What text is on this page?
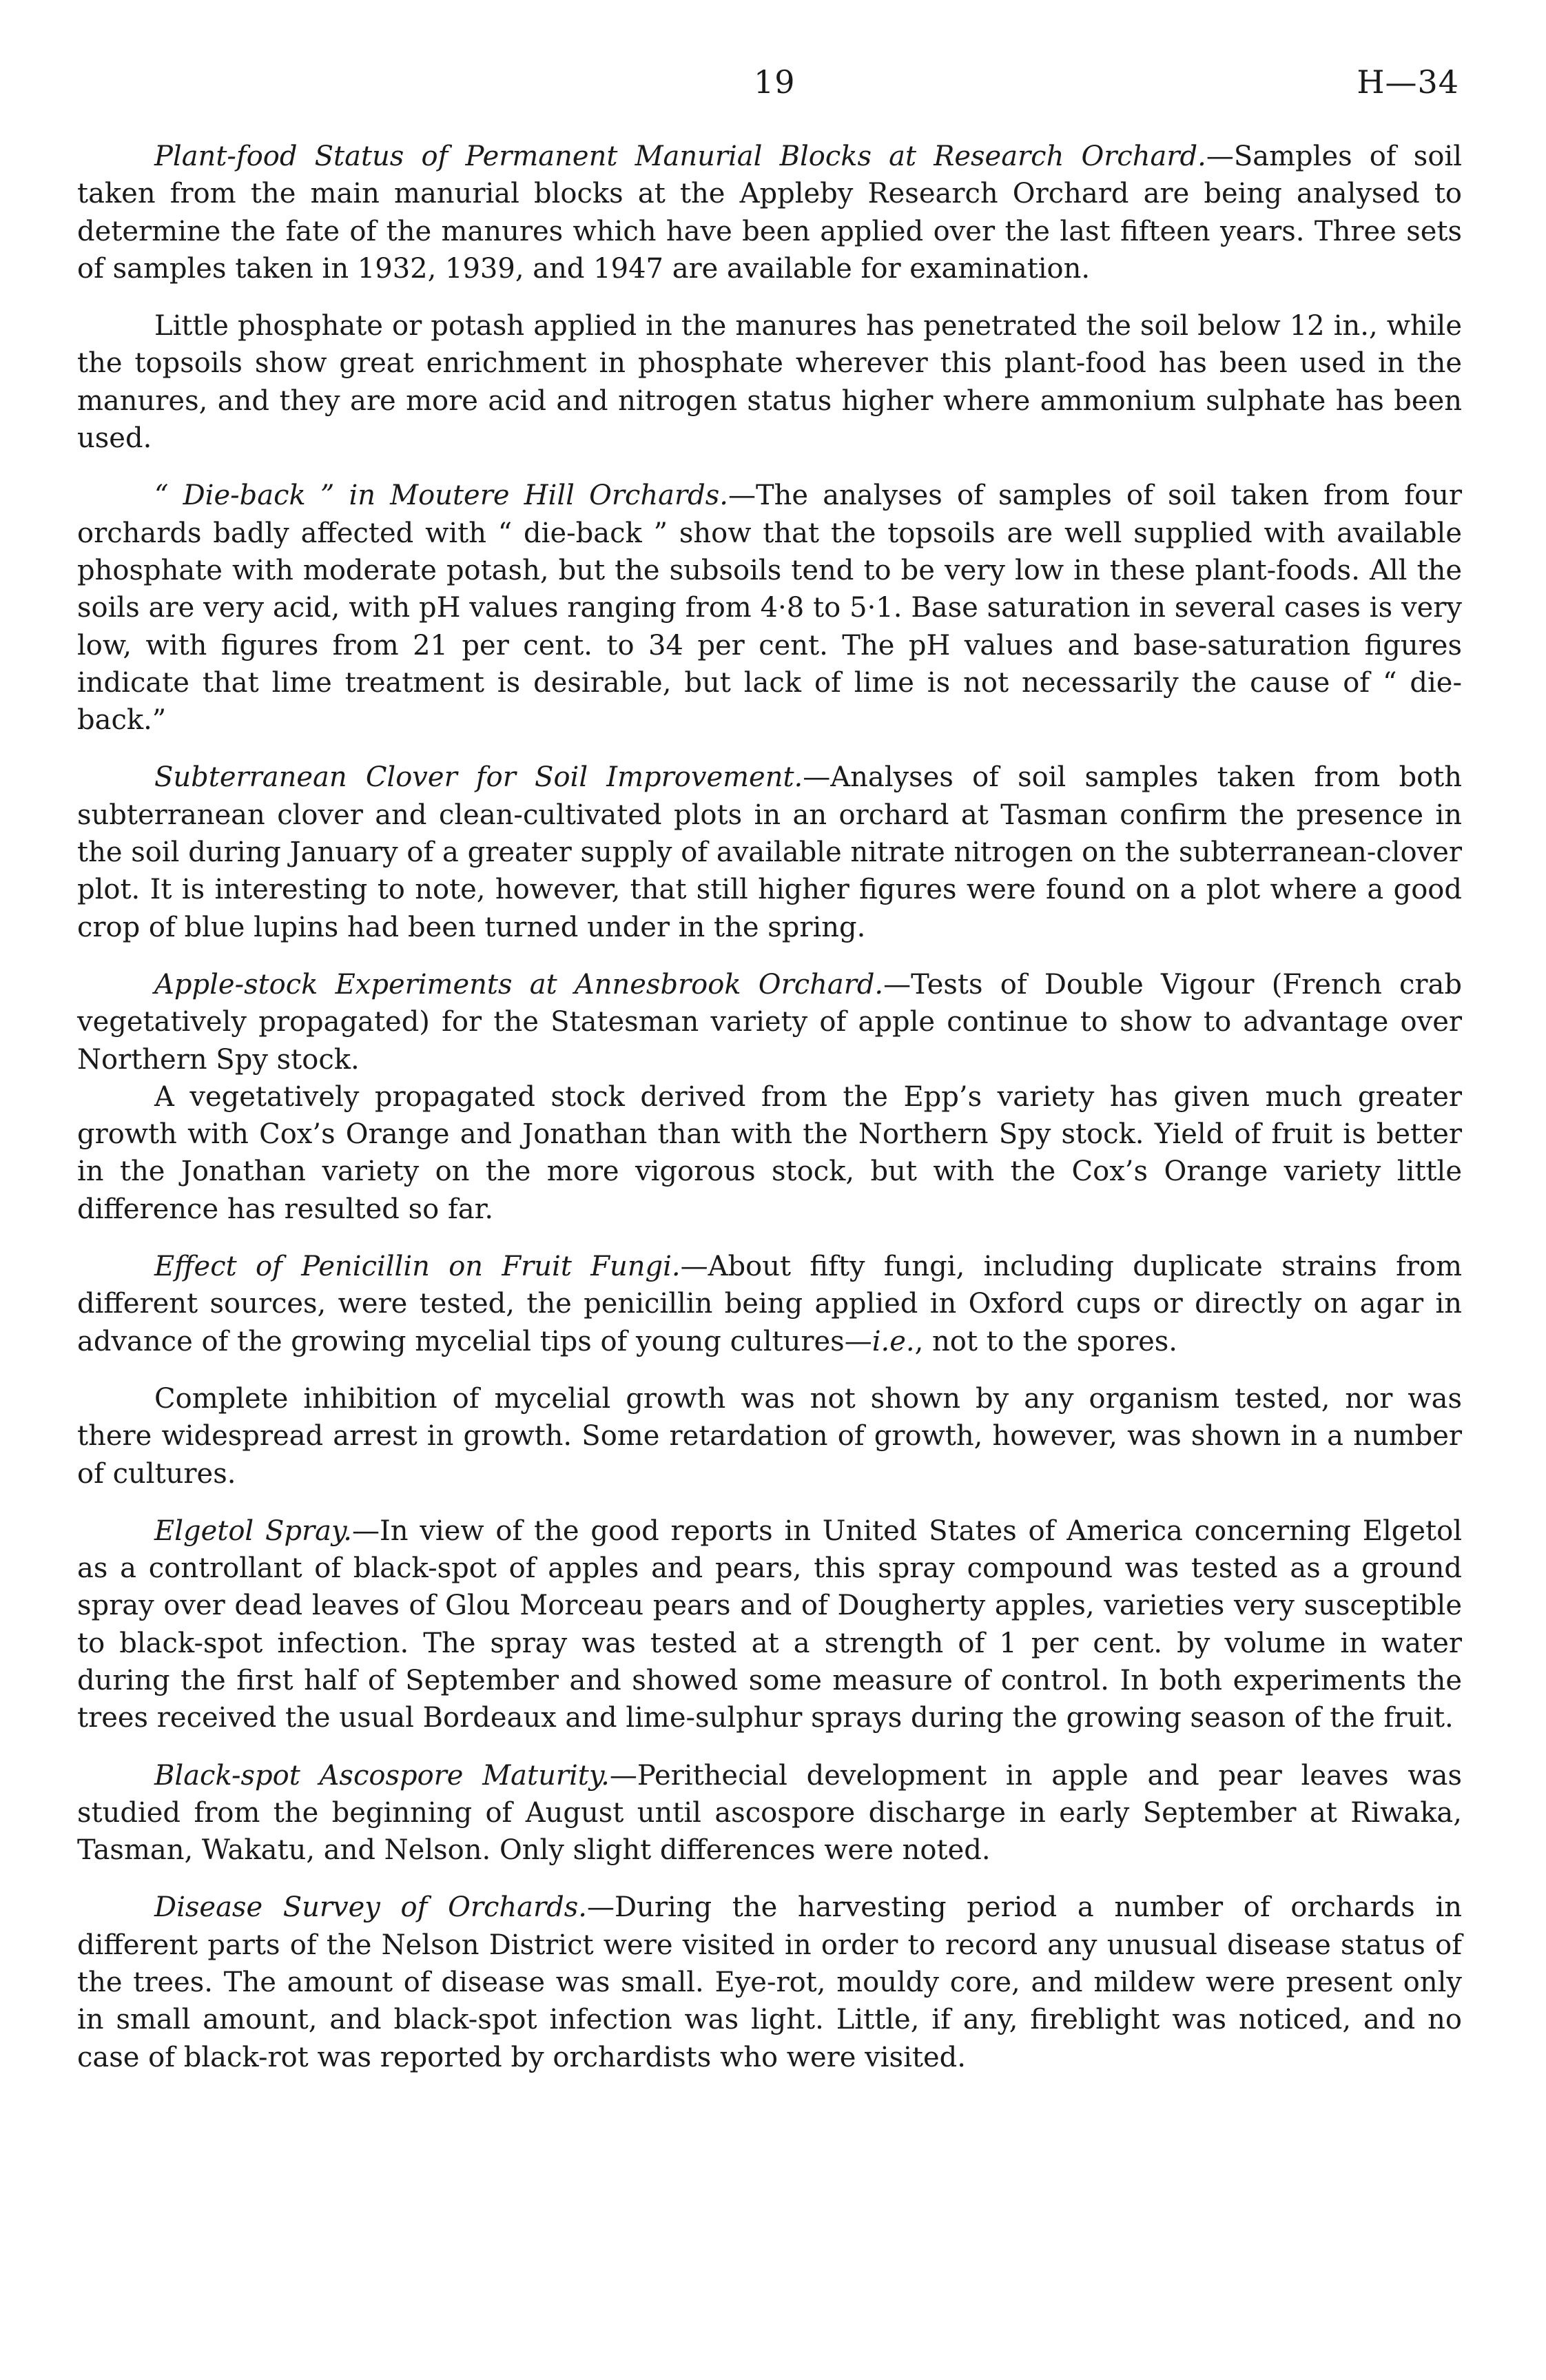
19	H—34

Plant-food Status of Permanent Manurial Blocks at Research Orchard.—Samples of soil taken from the main manurial blocks at the Appleby Research Orchard are being analysed to determine the fate of the manures which have been applied over the last fifteen years. Three sets of samples taken in 1932, 1939, and 1947 are available for examination.

Little phosphate or potash applied in the manures has penetrated the soil below 12 in., while the topsoils show great enrichment in phosphate wherever this plant-food has been used in the manures, and they are more acid and nitrogen status higher where ammonium sulphate has been used.

“ Die-back ” in Moutere Hill Orchards.—The analyses of samples of soil taken from four orchards badly affected with “ die-back ” show that the topsoils are well supplied with available phosphate with moderate potash, but the subsoils tend to be very low in these plant-foods. All the soils are very acid, with pH values ranging from 4·8 to 5·1. Base saturation in several cases is very low, with figures from 21 per cent. to 34 per cent. The pH values and base-saturation figures indicate that lime treatment is desirable, but lack of lime is not necessarily the cause of “ die-back.”

Subterranean Clover for Soil Improvement.—Analyses of soil samples taken from both subterranean clover and clean-cultivated plots in an orchard at Tasman confirm the presence in the soil during January of a greater supply of available nitrate nitrogen on the subterranean-clover plot. It is interesting to note, however, that still higher figures were found on a plot where a good crop of blue lupins had been turned under in the spring.

Apple-stock Experiments at Annesbrook Orchard.—Tests of Double Vigour (French crab vegetatively propagated) for the Statesman variety of apple continue to show to advantage over Northern Spy stock.

A vegetatively propagated stock derived from the Epp’s variety has given much greater growth with Cox’s Orange and Jonathan than with the Northern Spy stock. Yield of fruit is better in the Jonathan variety on the more vigorous stock, but with the Cox’s Orange variety little difference has resulted so far.

Effect of Penicillin on Fruit Fungi.—About fifty fungi, including duplicate strains from different sources, were tested, the penicillin being applied in Oxford cups or directly on agar in advance of the growing mycelial tips of young cultures—i.e., not to the spores.

Complete inhibition of mycelial growth was not shown by any organism tested, nor was there widespread arrest in growth. Some retardation of growth, however, was shown in a number of cultures.

Elgetol Spray.—In view of the good reports in United States of America concerning Elgetol as a controllant of black-spot of apples and pears, this spray compound was tested as a ground spray over dead leaves of Glou Morceau pears and of Dougherty apples, varieties very susceptible to black-spot infection. The spray was tested at a strength of 1 per cent. by volume in water during the first half of September and showed some measure of control. In both experiments the trees received the usual Bordeaux and lime-sulphur sprays during the growing season of the fruit.

Black-spot Ascospore Maturity.—Perithecial development in apple and pear leaves was studied from the beginning of August until ascospore discharge in early September at Riwaka, Tasman, Wakatu, and Nelson. Only slight differences were noted.

Disease Survey of Orchards.—During the harvesting period a number of orchards in different parts of the Nelson District were visited in order to record any unusual disease status of the trees. The amount of disease was small. Eye-rot, mouldy core, and mildew were present only in small amount, and black-spot infection was light. Little, if any, fireblight was noticed, and no case of black-rot was reported by orchardists who were visited.
